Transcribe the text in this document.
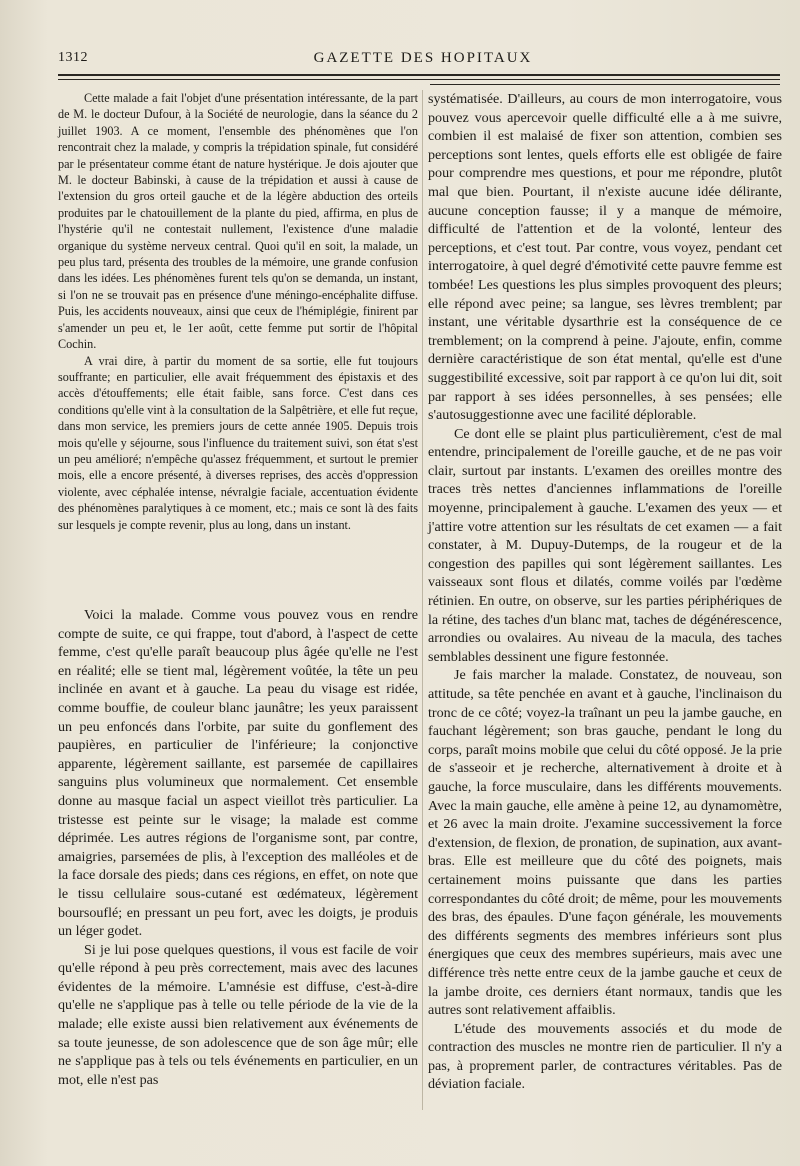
1312	GAZETTE DES HOPITAUX

Cette malade a fait l'objet d'une présentation intéressante, de la part de M. le docteur Dufour, à la Société de neurologie, dans la séance du 2 juillet 1903. A ce moment, l'ensemble des phénomènes que l'on rencontrait chez la malade, y compris la trépidation spinale, fut considéré par le présentateur comme étant de nature hystérique. Je dois ajouter que M. le docteur Babinski, à cause de la trépidation et aussi à cause de l'extension du gros orteil gauche et de la légère abduction des orteils produites par le chatouillement de la plante du pied, affirma, en plus de l'hystérie qu'il ne contestait nullement, l'existence d'une maladie organique du système nerveux central. Quoi qu'il en soit, la malade, un peu plus tard, présenta des troubles de la mémoire, une grande confusion dans les idées. Les phénomènes furent tels qu'on se demanda, un instant, si l'on ne se trouvait pas en présence d'une méningo-encéphalite diffuse. Puis, les accidents nouveaux, ainsi que ceux de l'hémiplégie, finirent par s'amender un peu et, le 1er août, cette femme put sortir de l'hôpital Cochin.

A vrai dire, à partir du moment de sa sortie, elle fut toujours souffrante; en particulier, elle avait fréquemment des épistaxis et des accès d'étouffements; elle était faible, sans force. C'est dans ces conditions qu'elle vint à la consultation de la Salpêtrière, et elle fut reçue, dans mon service, les premiers jours de cette année 1905. Depuis trois mois qu'elle y séjourne, sous l'influence du traitement suivi, son état s'est un peu amélioré; n'empêche qu'assez fréquemment, et surtout le premier mois, elle a encore présenté, à diverses reprises, des accès d'oppression violente, avec céphalée intense, névralgie faciale, accentuation évidente des phénomènes paralytiques à ce moment, etc.; mais ce sont là des faits sur lesquels je compte revenir, plus au long, dans un instant.

Voici la malade. Comme vous pouvez vous en rendre compte de suite, ce qui frappe, tout d'abord, à l'aspect de cette femme, c'est qu'elle paraît beaucoup plus âgée qu'elle ne l'est en réalité; elle se tient mal, légèrement voûtée, la tête un peu inclinée en avant et à gauche. La peau du visage est ridée, comme bouffie, de couleur blanc jaunâtre; les yeux paraissent un peu enfoncés dans l'orbite, par suite du gonflement des paupières, en particulier de l'inférieure; la conjonctive apparente, légèrement saillante, est parsemée de capillaires sanguins plus volumineux que normalement. Cet ensemble donne au masque facial un aspect vieillot très particulier. La tristesse est peinte sur le visage; la malade est comme déprimée. Les autres régions de l'organisme sont, par contre, amaigries, parsemées de plis, à l'exception des malléoles et de la face dorsale des pieds; dans ces régions, en effet, on note que le tissu cellulaire sous-cutané est œdémateux, légèrement boursouflé; en pressant un peu fort, avec les doigts, je produis un léger godet.

Si je lui pose quelques questions, il vous est facile de voir qu'elle répond à peu près correctement, mais avec des lacunes évidentes de la mémoire. L'amnésie est diffuse, c'est-à-dire qu'elle ne s'applique pas à telle ou telle période de la vie de la malade; elle existe aussi bien relativement aux événements de sa toute jeunesse, de son adolescence que de son âge mûr; elle ne s'applique pas à tels ou tels événements en particulier, en un mot, elle n'est pas

systématisée. D'ailleurs, au cours de mon interrogatoire, vous pouvez vous apercevoir quelle difficulté elle a à me suivre, combien il est malaisé de fixer son attention, combien ses perceptions sont lentes, quels efforts elle est obligée de faire pour comprendre mes questions, et pour me répondre, plutôt mal que bien. Pourtant, il n'existe aucune idée délirante, aucune conception fausse; il y a manque de mémoire, difficulté de l'attention et de la volonté, lenteur des perceptions, et c'est tout. Par contre, vous voyez, pendant cet interrogatoire, à quel degré d'émotivité cette pauvre femme est tombée! Les questions les plus simples provoquent des pleurs; elle répond avec peine; sa langue, ses lèvres tremblent; par instant, une véritable dysarthrie est la conséquence de ce tremblement; on la comprend à peine. J'ajoute, enfin, comme dernière caractéristique de son état mental, qu'elle est d'une suggestibilité excessive, soit par rapport à ce qu'on lui dit, soit par rapport à ses idées personnelles, à ses pensées; elle s'autosuggestionne avec une facilité déplorable.

Ce dont elle se plaint plus particulièrement, c'est de mal entendre, principalement de l'oreille gauche, et de ne pas voir clair, surtout par instants. L'examen des oreilles montre des traces très nettes d'anciennes inflammations de l'oreille moyenne, principalement à gauche. L'examen des yeux — et j'attire votre attention sur les résultats de cet examen — a fait constater, à M. Dupuy-Dutemps, de la rougeur et de la congestion des papilles qui sont légèrement saillantes. Les vaisseaux sont flous et dilatés, comme voilés par l'œdème rétinien. En outre, on observe, sur les parties périphériques de la rétine, des taches d'un blanc mat, taches de dégénérescence, arrondies ou ovalaires. Au niveau de la macula, des taches semblables dessinent une figure festonnée.

Je fais marcher la malade. Constatez, de nouveau, son attitude, sa tête penchée en avant et à gauche, l'inclinaison du tronc de ce côté; voyez-la traînant un peu la jambe gauche, en fauchant légèrement; son bras gauche, pendant le long du corps, paraît moins mobile que celui du côté opposé. Je la prie de s'asseoir et je recherche, alternativement à droite et à gauche, la force musculaire, dans les différents mouvements. Avec la main gauche, elle amène à peine 12, au dynamomètre, et 26 avec la main droite. J'examine successivement la force d'extension, de flexion, de pronation, de supination, aux avant-bras. Elle est meilleure que du côté des poignets, mais certainement moins puissante que dans les parties correspondantes du côté droit; de même, pour les mouvements des bras, des épaules. D'une façon générale, les mouvements des différents segments des membres inférieurs sont plus énergiques que ceux des membres supérieurs, mais avec une différence très nette entre ceux de la jambe gauche et ceux de la jambe droite, ces derniers étant normaux, tandis que les autres sont relativement affaiblis.

L'étude des mouvements associés et du mode de contraction des muscles ne montre rien de particulier. Il n'y a pas, à proprement parler, de contractures véritables. Pas de déviation faciale.
